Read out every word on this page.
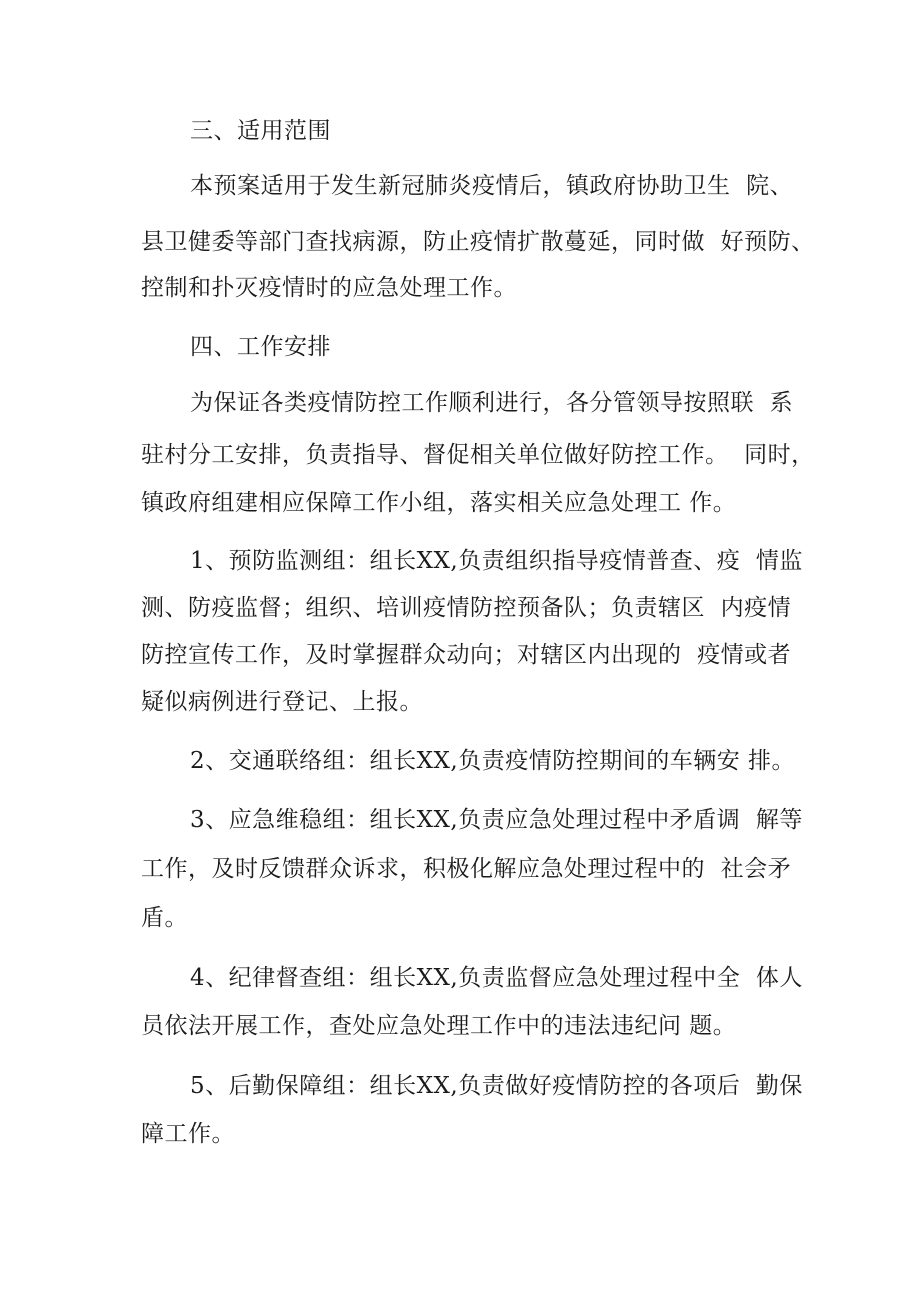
三、适用范围
本预案适用于发生新冠肺炎疫情后，镇政府协助卫生  院、
县卫健委等部门查找病源，防止疫情扩散蔓延，同时做  好预防、
控制和扑灭疫情时的应急处理工作。
四、工作安排
为保证各类疫情防控工作顺利进行，各分管领导按照联  系
驻村分工安排，负责指导、督促相关单位做好防控工作。  同时，
镇政府组建相应保障工作小组，落实相关应急处理工 作。
1、预防监测组：组长XX,负责组织指导疫情普查、疫  情监
测、防疫监督；组织、培训疫情防控预备队；负责辖区  内疫情
防控宣传工作，及时掌握群众动向；对辖区内出现的  疫情或者
疑似病例进行登记、上报。
2、交通联络组：组长XX,负责疫情防控期间的车辆安 排。
3、应急维稳组：组长XX,负责应急处理过程中矛盾调  解等
工作，及时反馈群众诉求，积极化解应急处理过程中的  社会矛
盾。
4、纪律督查组：组长XX,负责监督应急处理过程中全  体人
员依法开展工作，查处应急处理工作中的违法违纪问 题。
5、后勤保障组：组长XX,负责做好疫情防控的各项后  勤保
障工作。
